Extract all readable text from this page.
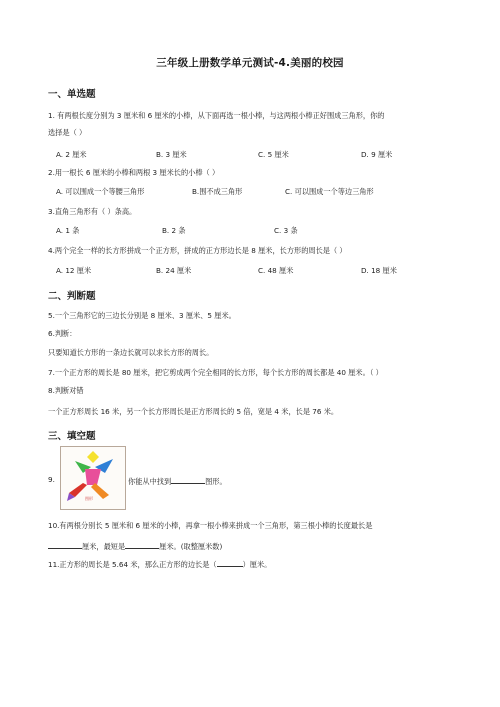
三年级上册数学单元测试-4.美丽的校园
一、单选题
1. 有两根长度分别为 3 厘米和 6 厘米的小棒，从下面再选一根小棒，与这两根小棒正好围成三角形，你的
选择是（ ）
A. 2 厘米	B. 3 厘米	C. 5 厘米	D. 9 厘米
2.用一根长 6 厘米的小棒和两根 3 厘米长的小棒（ ）
A. 可以围成一个等腰三角形	B.围不成三角形	C. 可以围成一个等边三角形
3.直角三角形有（ ）条高。
A. 1 条	B. 2 条	C. 3 条
4.两个完全一样的长方形拼成一个正方形，拼成的正方形边长是 8 厘米，长方形的周长是（ ）
A. 12 厘米	B. 24 厘米	C. 48 厘米	D. 18 厘米
二、判断题
5.一个三角形它的三边长分别是 8 厘米、3 厘米、5 厘米。
6.判断：
只要知道长方形的一条边长就可以求长方形的周长。
7.一个正方形的周长是 80 厘米，把它剪成两个完全相同的长方形，每个长方形的周长都是 40 厘米。（ ）
8.判断对错
一个正方形周长 16 米，另一个长方形周长是正方形周长的 5 倍，宽是 4 米，长是 76 米。
三、填空题
9.
图形
你能从中找到	图形。
10.有两根分别长 5 厘米和 6 厘米的小棒，再拿一根小棒来拼成一个三角形，第三根小棒的长度最长是
厘米，最短是	厘米。(取整厘米数)
11.正方形的周长是 5.64 米，那么正方形的边长是（	）厘米。
